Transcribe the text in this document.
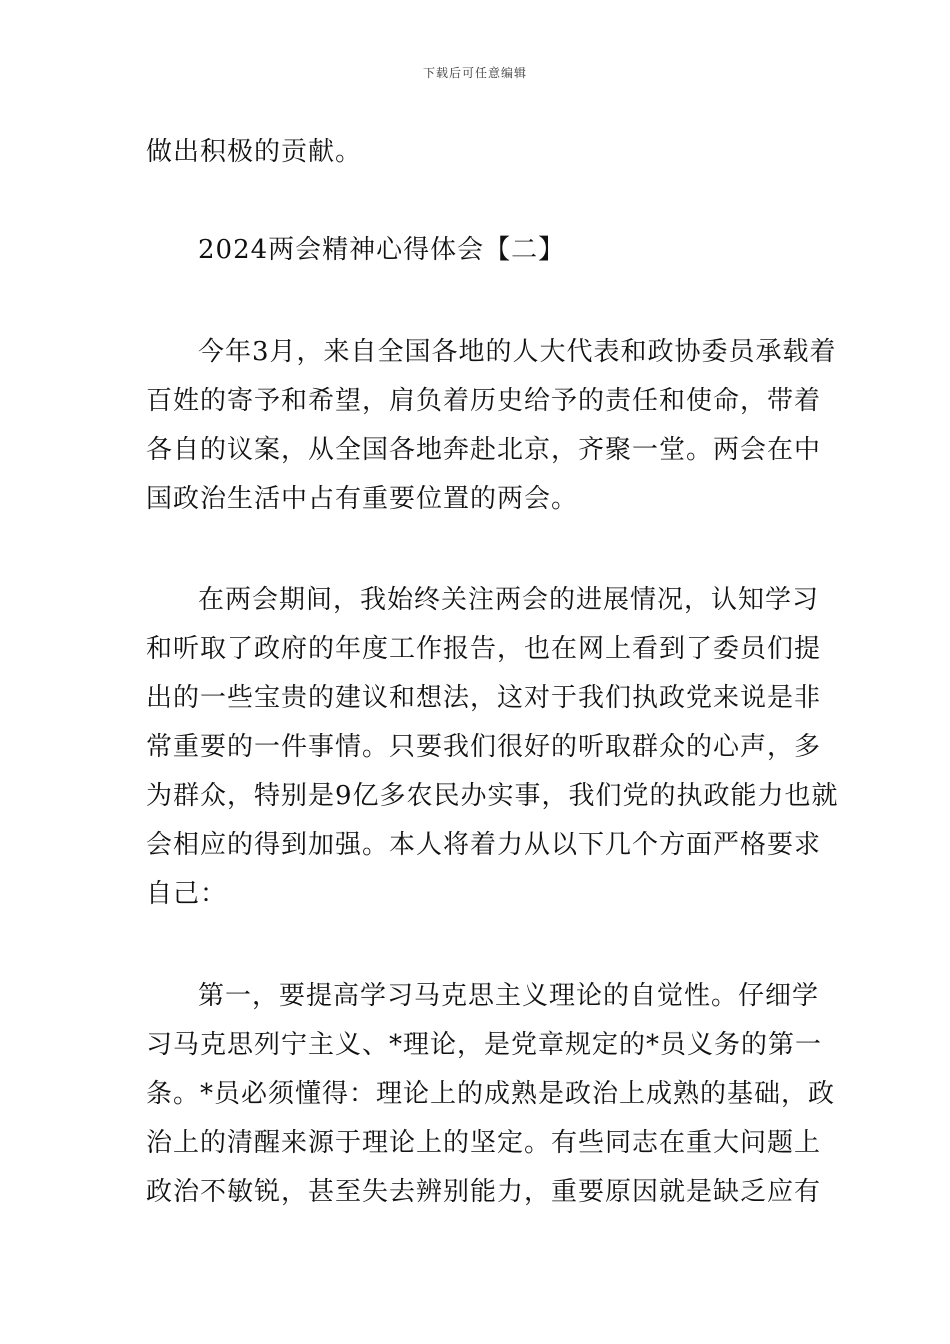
下载后可任意编辑
做出积极的贡献。
2024两会精神心得体会【二】
今年3月，来自全国各地的人大代表和政协委员承载着
百姓的寄予和希望，肩负着历史给予的责任和使命，带着
各自的议案，从全国各地奔赴北京，齐聚一堂。两会在中
国政治生活中占有重要位置的两会。
在两会期间，我始终关注两会的进展情况，认知学习
和听取了政府的年度工作报告，也在网上看到了委员们提
出的一些宝贵的建议和想法，这对于我们执政党来说是非
常重要的一件事情。只要我们很好的听取群众的心声，多
为群众，特别是9亿多农民办实事，我们党的执政能力也就
会相应的得到加强。本人将着力从以下几个方面严格要求
自己：
第一，要提高学习马克思主义理论的自觉性。仔细学
习马克思列宁主义、*理论，是党章规定的*员义务的第一
条。*员必须懂得：理论上的成熟是政治上成熟的基础，政
治上的清醒来源于理论上的坚定。有些同志在重大问题上
政治不敏锐，甚至失去辨别能力，重要原因就是缺乏应有
